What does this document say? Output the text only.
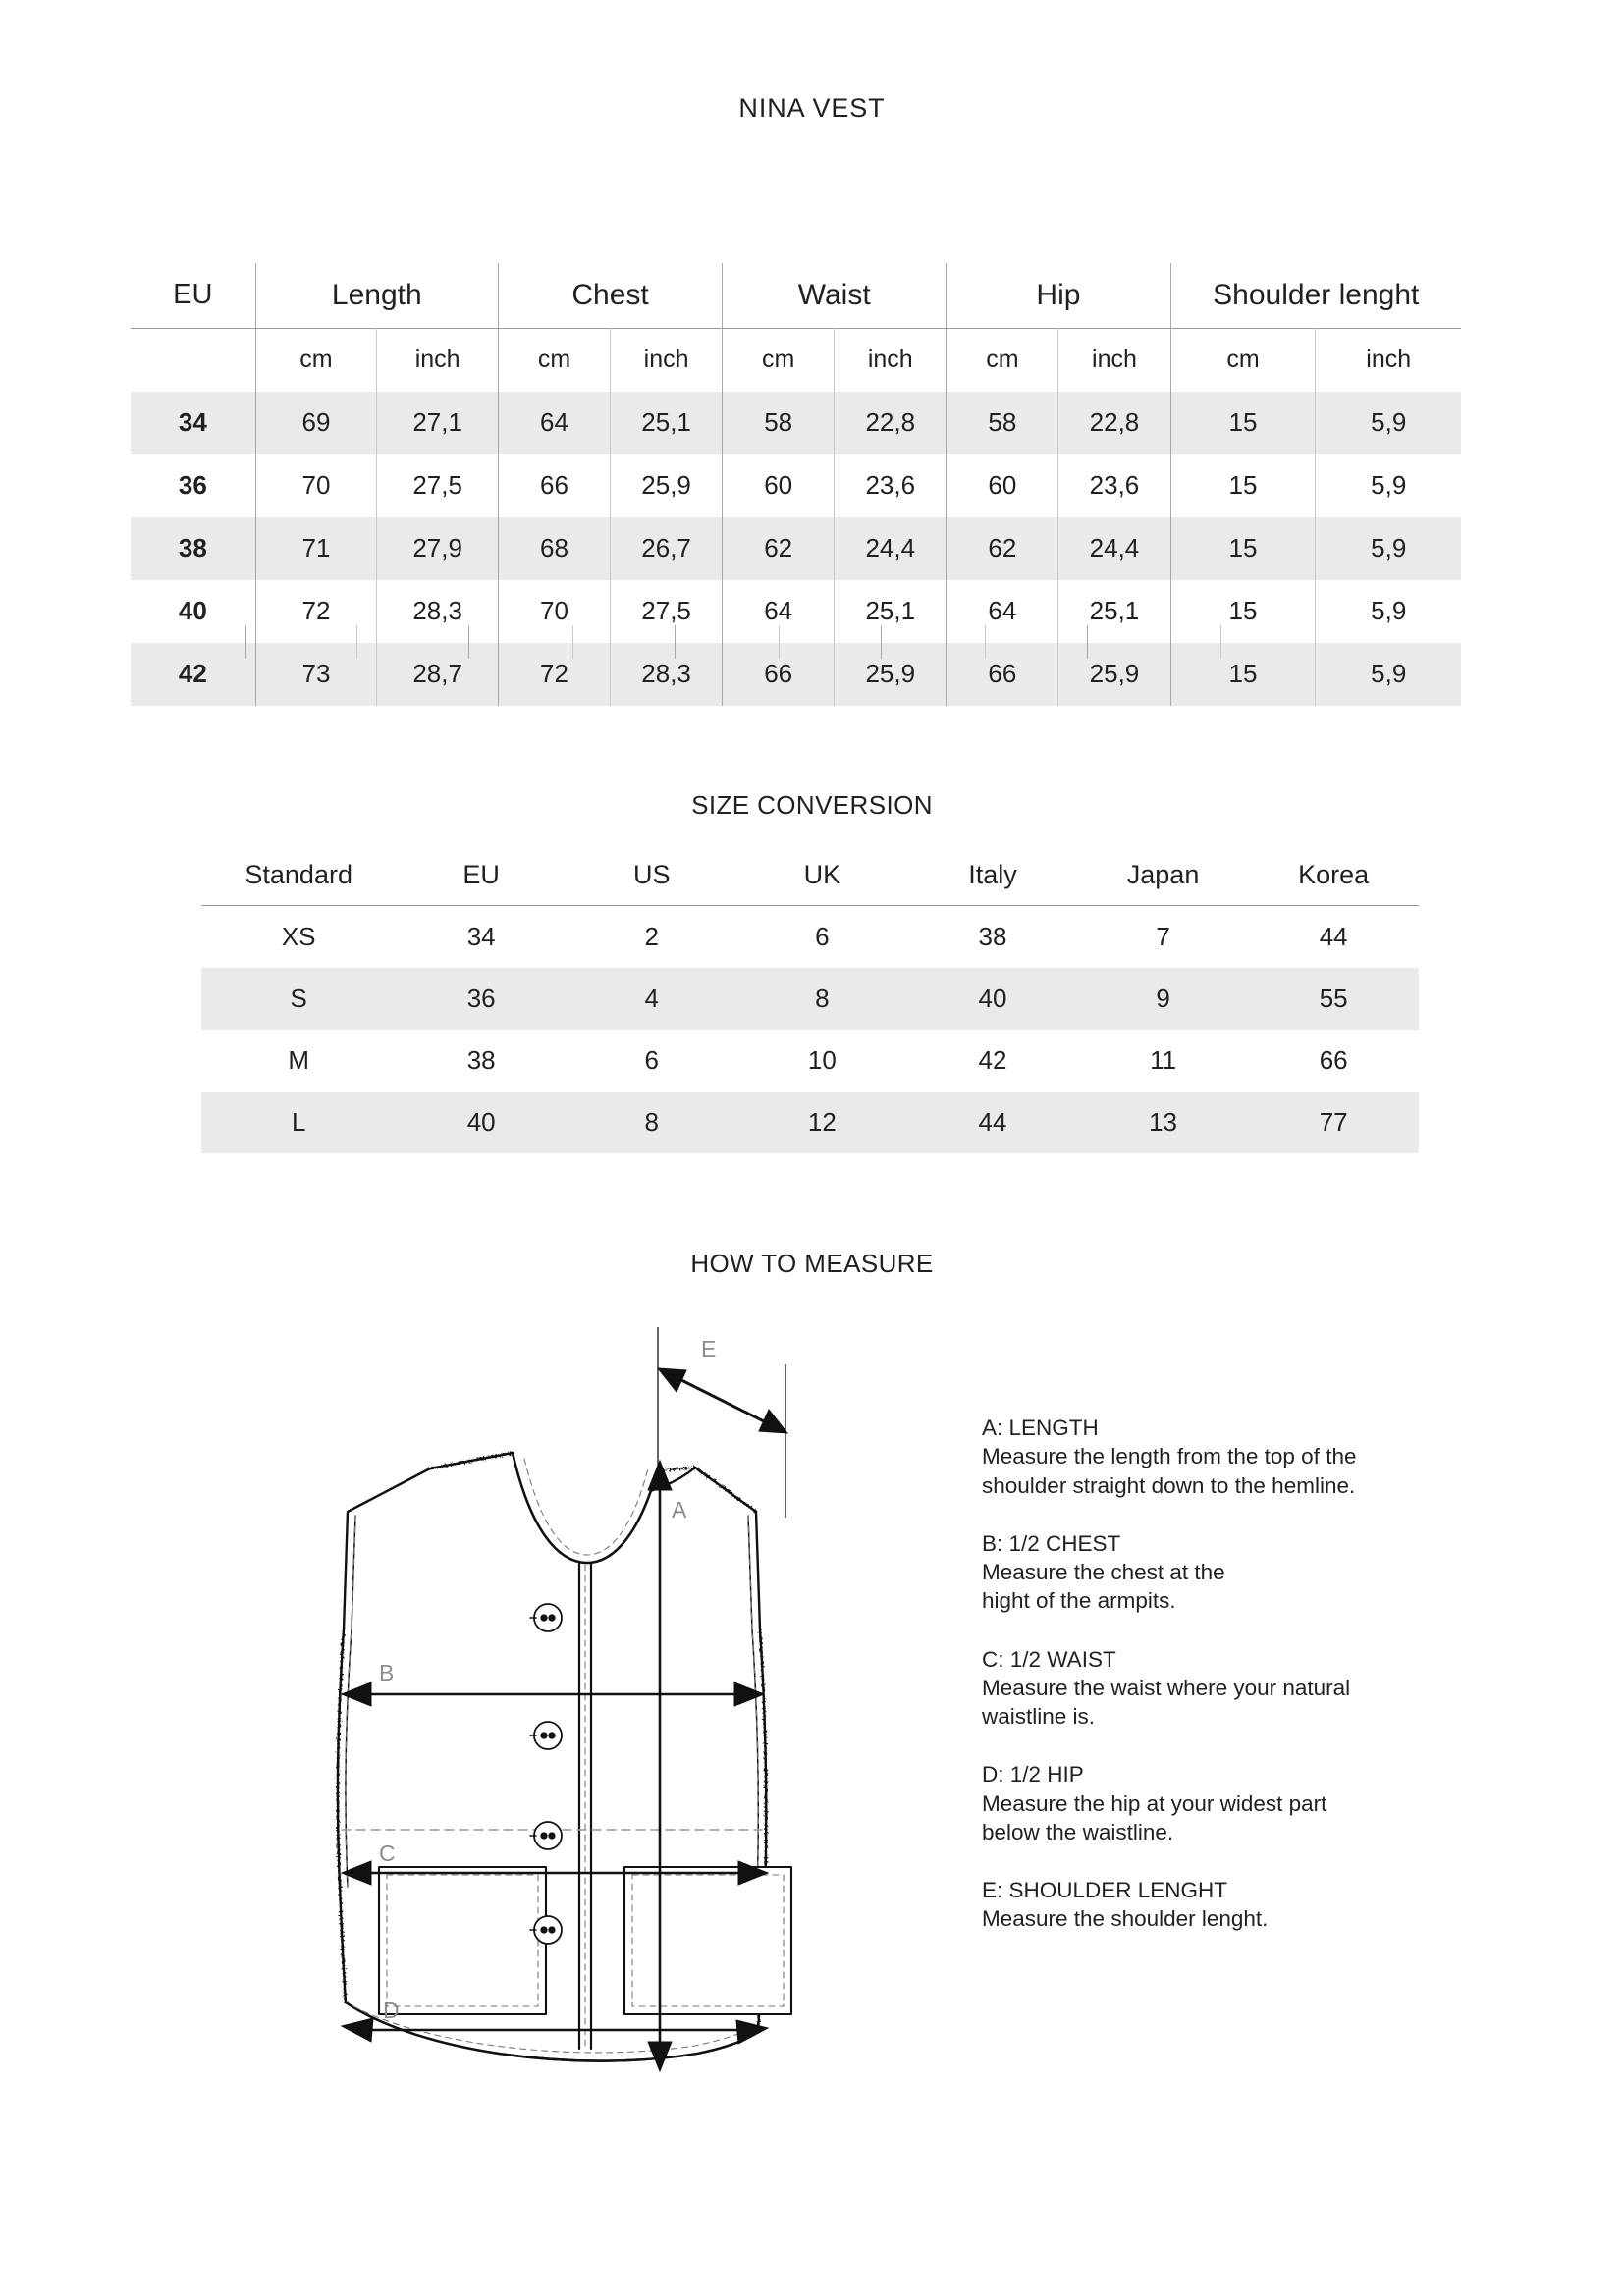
NINA VEST
EU	Length		Chest		Waist		Hip		Shoulder lenght	
	cm	inch	cm	inch	cm	inch	cm	inch	cm	inch
34	69	27,1	64	25,1	58	22,8	58	22,8	15	5,9
36	70	27,5	66	25,9	60	23,6	60	23,6	15	5,9
38	71	27,9	68	26,7	62	24,4	62	24,4	15	5,9
40	72	28,3	70	27,5	64	25,1	64	25,1	15	5,9
42	73	28,7	72	28,3	66	25,9	66	25,9	15	5,9
SIZE CONVERSION
Standard	EU	US	UK	Italy	Japan	Korea
XS	34	2	6	38	7	44
S	36	4	8	40	9	55
M	38	6	10	42	11	66
L	40	8	12	44	13	77
HOW TO MEASURE
E
A
B
C
D
A: LENGTH
Measure the length from the top of the
shoulder straight down to the hemline.
B: 1/2 CHEST
Measure the chest at the
hight of the armpits.
C: 1/2 WAIST
Measure the waist where your natural
waistline is.
D: 1/2 HIP
Measure the hip at your widest part
below the waistline.
E: SHOULDER LENGHT
Measure the shoulder lenght.
